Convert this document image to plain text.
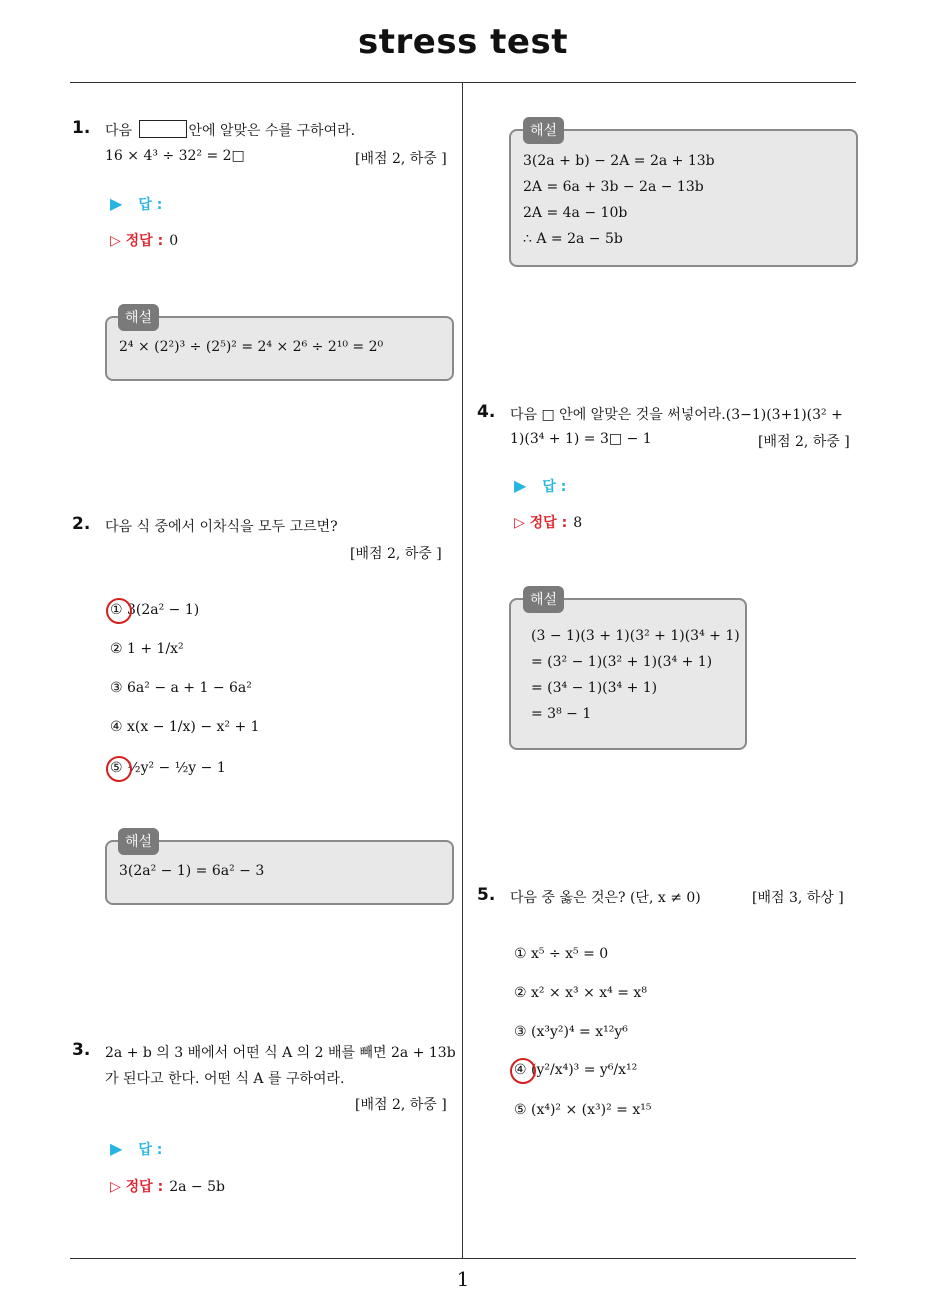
stress test
1. 다음	안에 알맞은 수를 구하여라.
16 × 4³ ÷ 32² = 2□	[배점 2, 하중 ]
▶ 답 :
▷ 정답 : 0
2⁴ × (2²)³ ÷ (2⁵)² = 2⁴ × 2⁶ ÷ 2¹⁰ = 2⁰
해설
2. 다음 식 중에서 이차식을 모두 고르면?
[배점 2, 하중 ]
① 3(2a² − 1)
② 1 + 1/x²
③ 6a² − a + 1 − 6a²
④ x(x − 1/x) − x² + 1
⑤ ½y² − ½y − 1
3(2a² − 1) = 6a² − 3
해설
3. 2a + b 의 3 배에서 어떤 식 A 의 2 배를 빼면 2a + 13b
가 된다고 한다. 어떤 식 A 를 구하여라.
[배점 2, 하중 ]
▶ 답 :
▷ 정답 : 2a − 5b
3(2a + b) − 2A = 2a + 13b
2A = 6a + 3b − 2a − 13b
2A = 4a − 10b
∴ A = 2a − 5b
해설
4. 다음 □ 안에 알맞은 것을 써넣어라.(3−1)(3+1)(3² +
1)(3⁴ + 1) = 3□ − 1	[배점 2, 하중 ]
▶ 답 :
▷ 정답 : 8
(3 − 1)(3 + 1)(3² + 1)(3⁴ + 1)
= (3² − 1)(3² + 1)(3⁴ + 1)
= (3⁴ − 1)(3⁴ + 1)
= 3⁸ − 1
해설
5. 다음 중 옳은 것은? (단, x ≠ 0)	[배점 3, 하상 ]
① x⁵ ÷ x⁵ = 0
② x² × x³ × x⁴ = x⁸
③ (x³y²)⁴ = x¹²y⁶
④ (y²/x⁴)³ = y⁶/x¹²
⑤ (x⁴)² × (x³)² = x¹⁵
1
